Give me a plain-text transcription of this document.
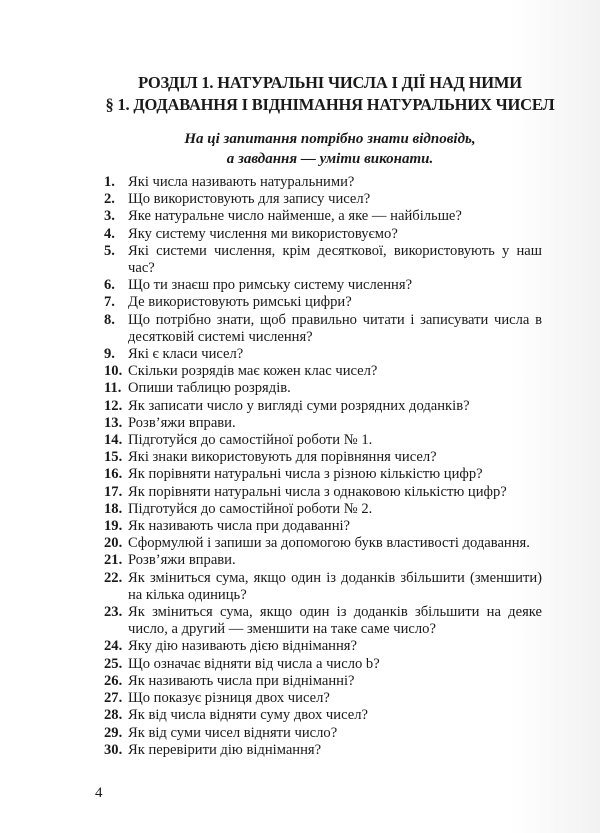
РОЗДІЛ 1. НАТУРАЛЬНІ ЧИСЛА І ДІЇ НАД НИМИ
§ 1. ДОДАВАННЯ І ВІДНІМАННЯ НАТУРАЛЬНИХ ЧИСЕЛ
На ці запитання потрібно знати відповідь,
а завдання — уміти виконати.
1. Які числа називають натуральними?
2. Що використовують для запису чисел?
3. Яке натуральне число найменше, а яке — найбільше?
4. Яку систему числення ми використовуємо?
5. Які системи числення, крім десяткової, використовують у наш час?
6. Що ти знаєш про римську систему числення?
7. Де використовують римські цифри?
8. Що потрібно знати, щоб правильно читати і записувати числа в десятковій системі числення?
9. Які є класи чисел?
10. Скільки розрядів має кожен клас чисел?
11. Опиши таблицю розрядів.
12. Як записати число у вигляді суми розрядних доданків?
13. Розв’яжи вправи.
14. Підготуйся до самостійної роботи № 1.
15. Які знаки використовують для порівняння чисел?
16. Як порівняти натуральні числа з різною кількістю цифр?
17. Як порівняти натуральні числа з однаковою кількістю цифр?
18. Підготуйся до самостійної роботи № 2.
19. Як називають числа при додаванні?
20. Сформулюй і запиши за допомогою букв властивості додавання.
21. Розв’яжи вправи.
22. Як зміниться сума, якщо один із доданків збільшити (зменшити) на кілька одиниць?
23. Як зміниться сума, якщо один із доданків збільшити на деяке число, а другий — зменшити на таке саме число?
24. Яку дію називають дією віднімання?
25. Що означає відняти від числа a число b?
26. Як називають числа при відніманні?
27. Що показує різниця двох чисел?
28. Як від числа відняти суму двох чисел?
29. Як від суми чисел відняти число?
30. Як перевірити дію віднімання?
4
